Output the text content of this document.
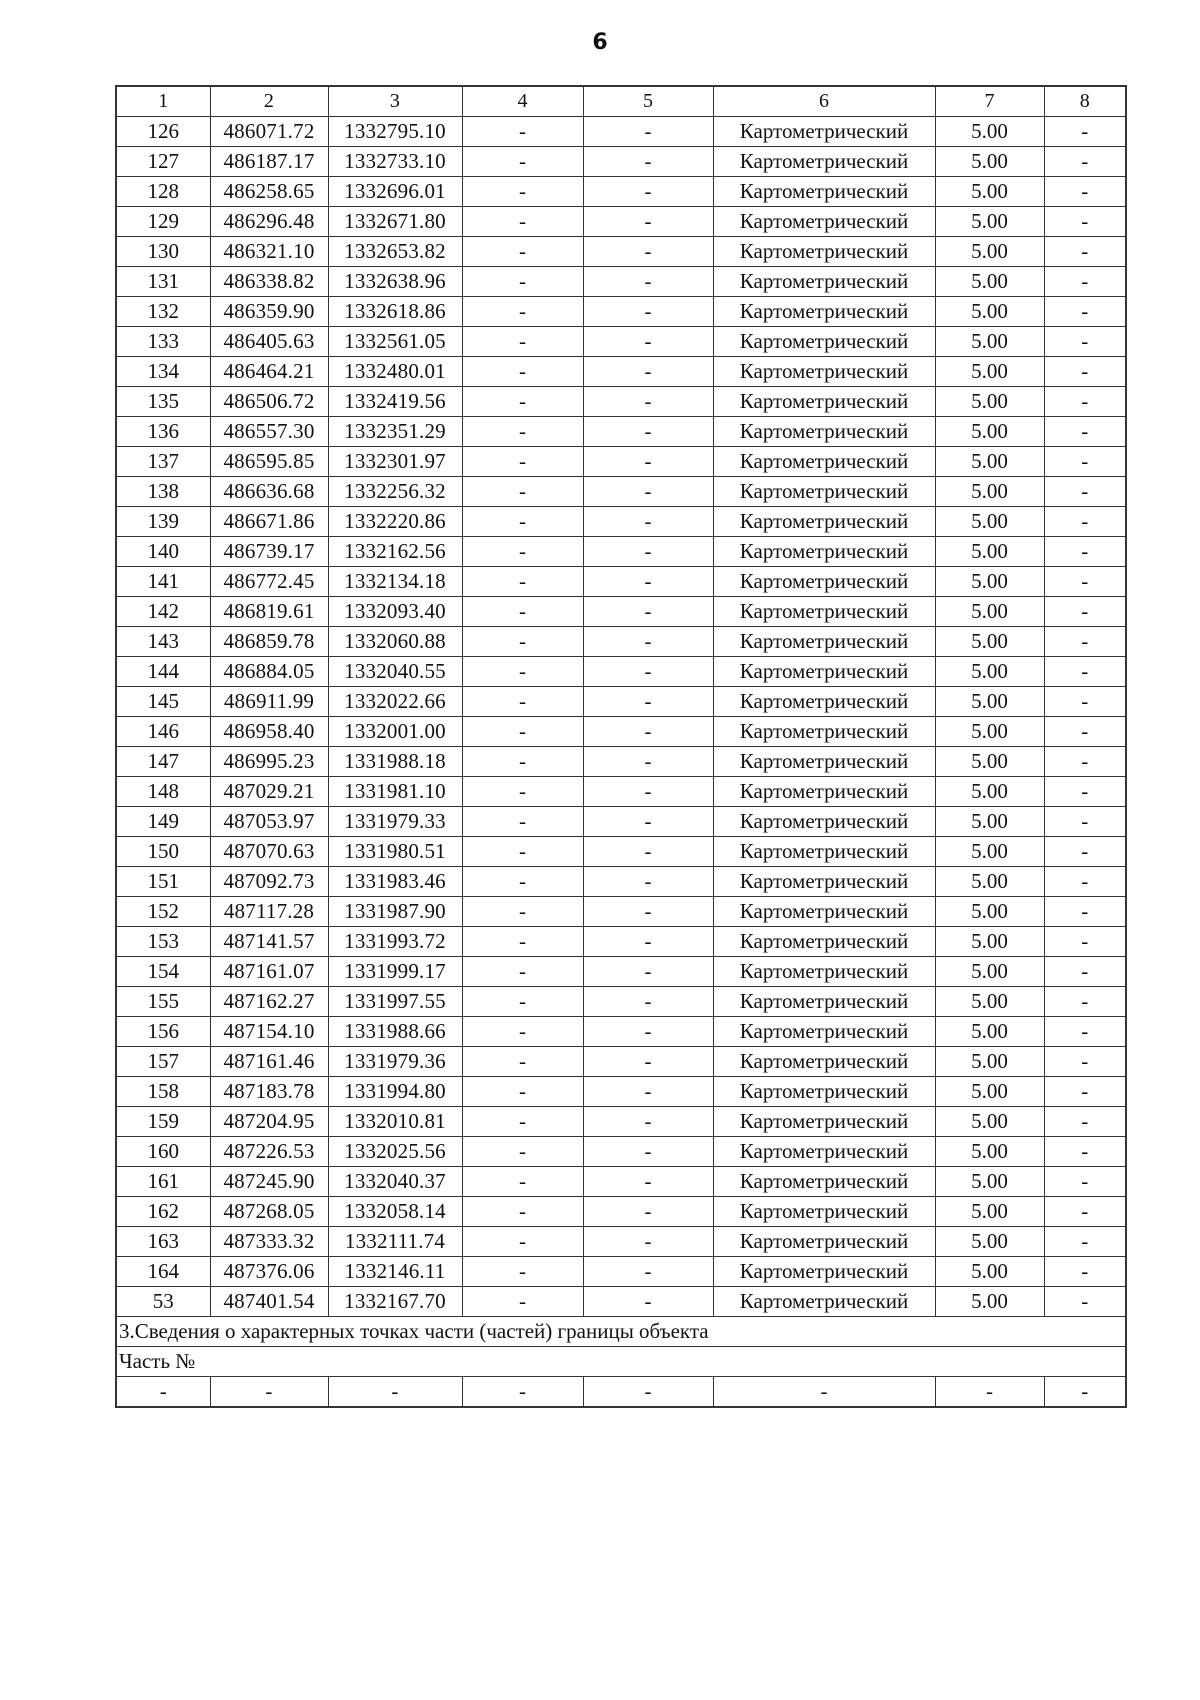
6
1	2	3	4	5	6	7	8
126	486071.72	1332795.10	-	-	Картометрический	5.00	-
127	486187.17	1332733.10	-	-	Картометрический	5.00	-
128	486258.65	1332696.01	-	-	Картометрический	5.00	-
129	486296.48	1332671.80	-	-	Картометрический	5.00	-
130	486321.10	1332653.82	-	-	Картометрический	5.00	-
131	486338.82	1332638.96	-	-	Картометрический	5.00	-
132	486359.90	1332618.86	-	-	Картометрический	5.00	-
133	486405.63	1332561.05	-	-	Картометрический	5.00	-
134	486464.21	1332480.01	-	-	Картометрический	5.00	-
135	486506.72	1332419.56	-	-	Картометрический	5.00	-
136	486557.30	1332351.29	-	-	Картометрический	5.00	-
137	486595.85	1332301.97	-	-	Картометрический	5.00	-
138	486636.68	1332256.32	-	-	Картометрический	5.00	-
139	486671.86	1332220.86	-	-	Картометрический	5.00	-
140	486739.17	1332162.56	-	-	Картометрический	5.00	-
141	486772.45	1332134.18	-	-	Картометрический	5.00	-
142	486819.61	1332093.40	-	-	Картометрический	5.00	-
143	486859.78	1332060.88	-	-	Картометрический	5.00	-
144	486884.05	1332040.55	-	-	Картометрический	5.00	-
145	486911.99	1332022.66	-	-	Картометрический	5.00	-
146	486958.40	1332001.00	-	-	Картометрический	5.00	-
147	486995.23	1331988.18	-	-	Картометрический	5.00	-
148	487029.21	1331981.10	-	-	Картометрический	5.00	-
149	487053.97	1331979.33	-	-	Картометрический	5.00	-
150	487070.63	1331980.51	-	-	Картометрический	5.00	-
151	487092.73	1331983.46	-	-	Картометрический	5.00	-
152	487117.28	1331987.90	-	-	Картометрический	5.00	-
153	487141.57	1331993.72	-	-	Картометрический	5.00	-
154	487161.07	1331999.17	-	-	Картометрический	5.00	-
155	487162.27	1331997.55	-	-	Картометрический	5.00	-
156	487154.10	1331988.66	-	-	Картометрический	5.00	-
157	487161.46	1331979.36	-	-	Картометрический	5.00	-
158	487183.78	1331994.80	-	-	Картометрический	5.00	-
159	487204.95	1332010.81	-	-	Картометрический	5.00	-
160	487226.53	1332025.56	-	-	Картометрический	5.00	-
161	487245.90	1332040.37	-	-	Картометрический	5.00	-
162	487268.05	1332058.14	-	-	Картометрический	5.00	-
163	487333.32	1332111.74	-	-	Картометрический	5.00	-
164	487376.06	1332146.11	-	-	Картометрический	5.00	-
53	487401.54	1332167.70	-	-	Картометрический	5.00	-
3.Сведения о характерных точках части (частей) границы объекта							
Часть №							
-	-	-	-	-	-	-	-
